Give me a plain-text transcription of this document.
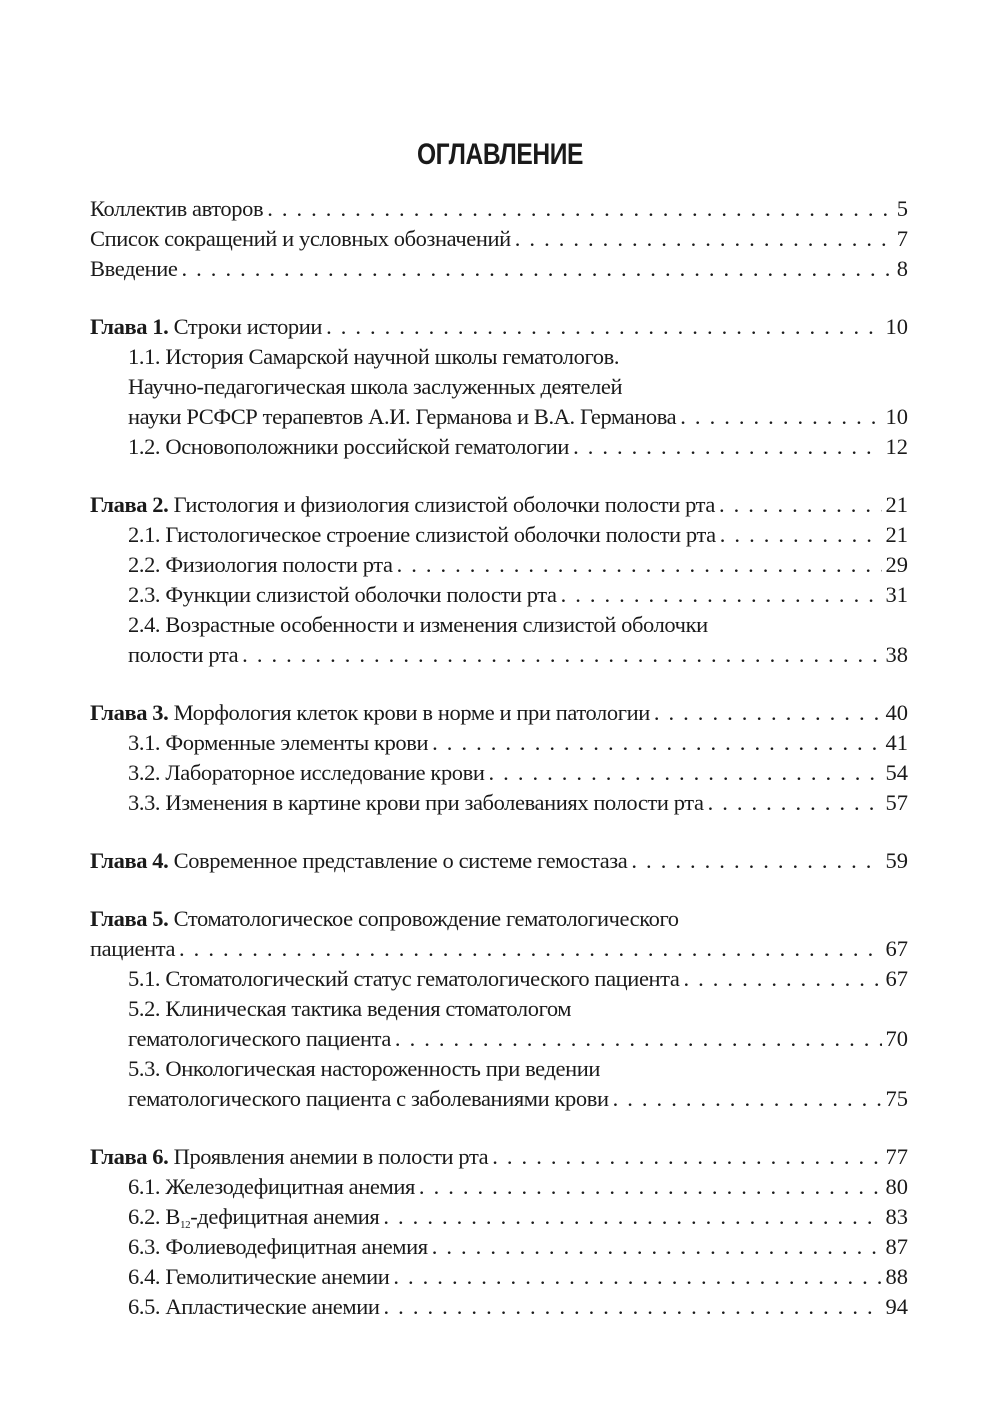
ОГЛАВЛЕНИЕ
Коллектив авторов . . .	5
Список сокращений и условных обозначений . . .	7
Введение . . .	8
Глава 1. Строки истории . . .	10
1.1. История Самарской научной школы гематологов.
Научно-педагогическая школа заслуженных деятелей
науки РСФСР терапевтов А.И. Германова и В.А. Германова . . .	10
1.2. Основоположники российской гематологии . . .	12
Глава 2. Гистология и физиология слизистой оболочки полости рта . . .	21
2.1. Гистологическое строение слизистой оболочки полости рта . . .	21
2.2. Физиология полости рта . . .	29
2.3. Функции слизистой оболочки полости рта . . .	31
2.4. Возрастные особенности и изменения слизистой оболочки
полости рта . . .	38
Глава 3. Морфология клеток крови в норме и при патологии . . .	40
3.1. Форменные элементы крови . . .	41
3.2. Лабораторное исследование крови . . .	54
3.3. Изменения в картине крови при заболеваниях полости рта . . .	57
Глава 4. Современное представление о системе гемостаза . . .	59
Глава 5. Стоматологическое сопровождение гематологического
пациента . . .	67
5.1. Стоматологический статус гематологического пациента . . .	67
5.2. Клиническая тактика ведения стоматологом
гематологического пациента . . .	70
5.3. Онкологическая настороженность при ведении
гематологического пациента с заболеваниями крови . . .	75
Глава 6. Проявления анемии в полости рта . . .	77
6.1. Железодефицитная анемия . . .	80
6.2. $B_{12}$-дефицитная анемия . . .	83
6.3. Фолиеводефицитная анемия . . .	87
6.4. Гемолитические анемии . . .	88
6.5. Апластические анемии . . .	94
